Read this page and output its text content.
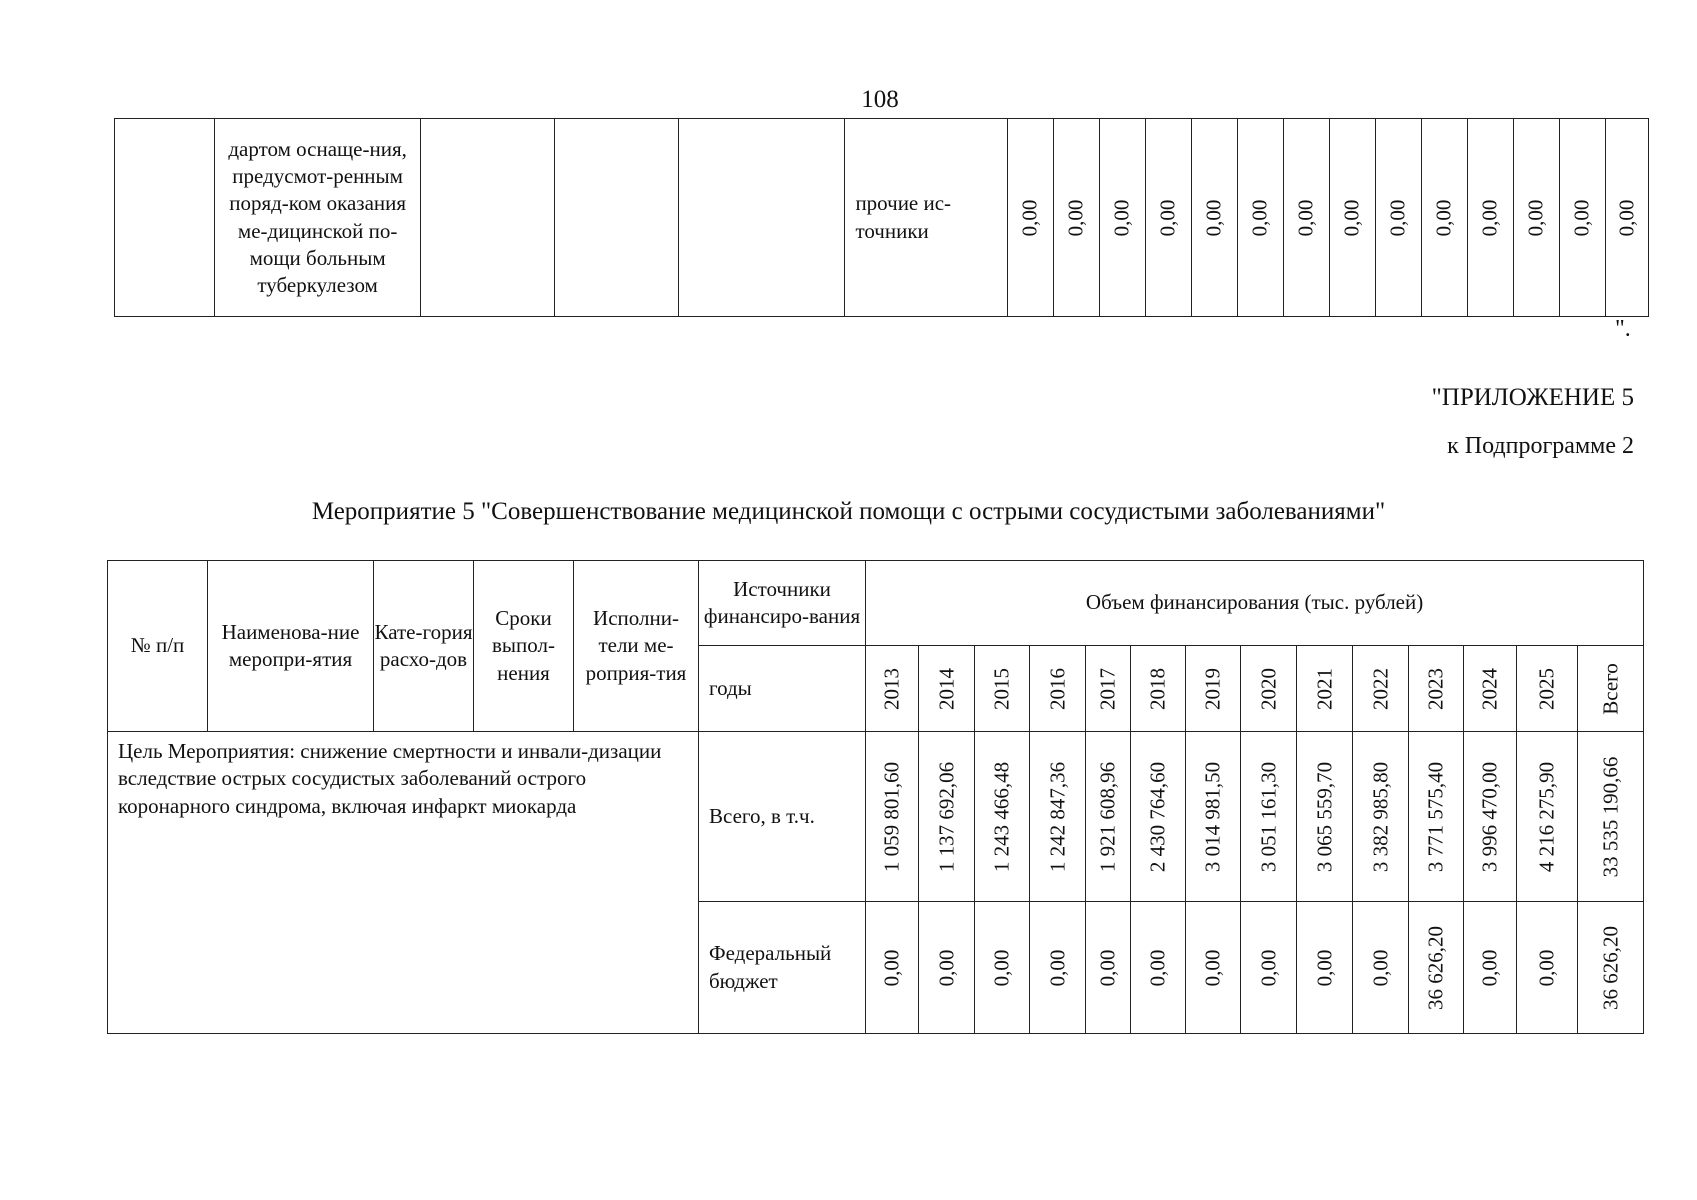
108
	дартом оснаще-ния, предусмот-ренным поряд-ком оказания ме-дицинской по-мощи больным туберкулезом				прочие ис-точники	0,00	0,00	0,00	0,00	0,00	0,00	0,00	0,00	0,00	0,00	0,00	0,00	0,00	0,00
".
"ПРИЛОЖЕНИЕ 5
к Подпрограмме 2
Мероприятие 5 "Совершенствование медицинской помощи с острыми сосудистыми заболеваниями"
№ п/п	Наименова-ние меропри-ятия	Кате-гория расхо-дов	Сроки выпол-нения	Исполни-тели ме-роприя-тия	Источники финансиро-вания	Объем финансирования (тыс. рублей)													
					годы	2013	2014	2015	2016	2017	2018	2019	2020	2021	2022	2023	2024	2025	Всего

Цель Мероприятия: снижение смертности и инвали-дизации вследствие острых сосудистых заболеваний острого коронарного синдрома, включая инфаркт миокарда					Всего, в т.ч.	1 059 801,60	1 137 692,06	1 243 466,48	1 242 847,36	1 921 608,96	2 430 764,60	3 014 981,50	3 051 161,30	3 065 559,70	3 382 985,80	3 771 575,40	3 996 470,00	4 216 275,90	33 535 190,66

					Федеральный бюджет	0,00	0,00	0,00	0,00	0,00	0,00	0,00	0,00	0,00	0,00	36 626,20	0,00	0,00	36 626,20
